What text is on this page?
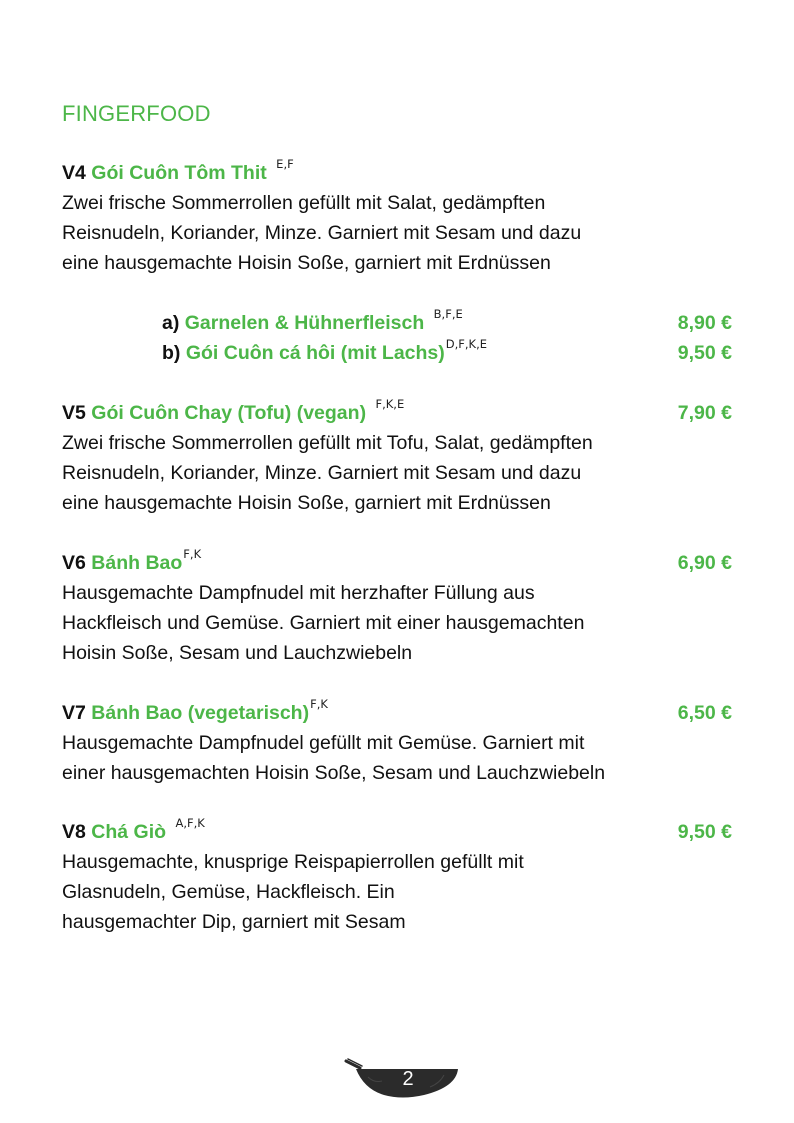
FINGERFOOD
V4 Gói Cuôn Tôm Thit $^{E,F}$
Zwei frische Sommerrollen gefüllt mit Salat, gedämpften
Reisnudeln, Koriander, Minze. Garniert mit Sesam und dazu
eine hausgemachte Hoisin Soße, garniert mit Erdnüssen
a) Garnelen & Hühnerfleisch $^{B,F,E}$	8,90 €
b) Gói Cuôn cá hôi (mit Lachs)$^{D,F,K,E}$	9,50 €
V5 Gói Cuôn Chay (Tofu) (vegan) $^{F,K,E}$	7,90 €
Zwei frische Sommerrollen gefüllt mit Tofu, Salat, gedämpften
Reisnudeln, Koriander, Minze. Garniert mit Sesam und dazu
eine hausgemachte Hoisin Soße, garniert mit Erdnüssen
V6 Bánh Bao$^{F,K}$	6,90 €
Hausgemachte Dampfnudel mit herzhafter Füllung aus
Hackfleisch und Gemüse. Garniert mit einer hausgemachten
Hoisin Soße, Sesam und Lauchzwiebeln
V7 Bánh Bao (vegetarisch)$^{F,K}$	6,50 €
Hausgemachte Dampfnudel gefüllt mit Gemüse. Garniert mit
einer hausgemachten Hoisin Soße, Sesam und Lauchzwiebeln
V8 Chá Giò $^{A,F,K}$	9,50 €
Hausgemachte, knusprige Reispapierrollen gefüllt mit
Glasnudeln, Gemüse, Hackfleisch. Ein
hausgemachter Dip, garniert mit Sesam
2
